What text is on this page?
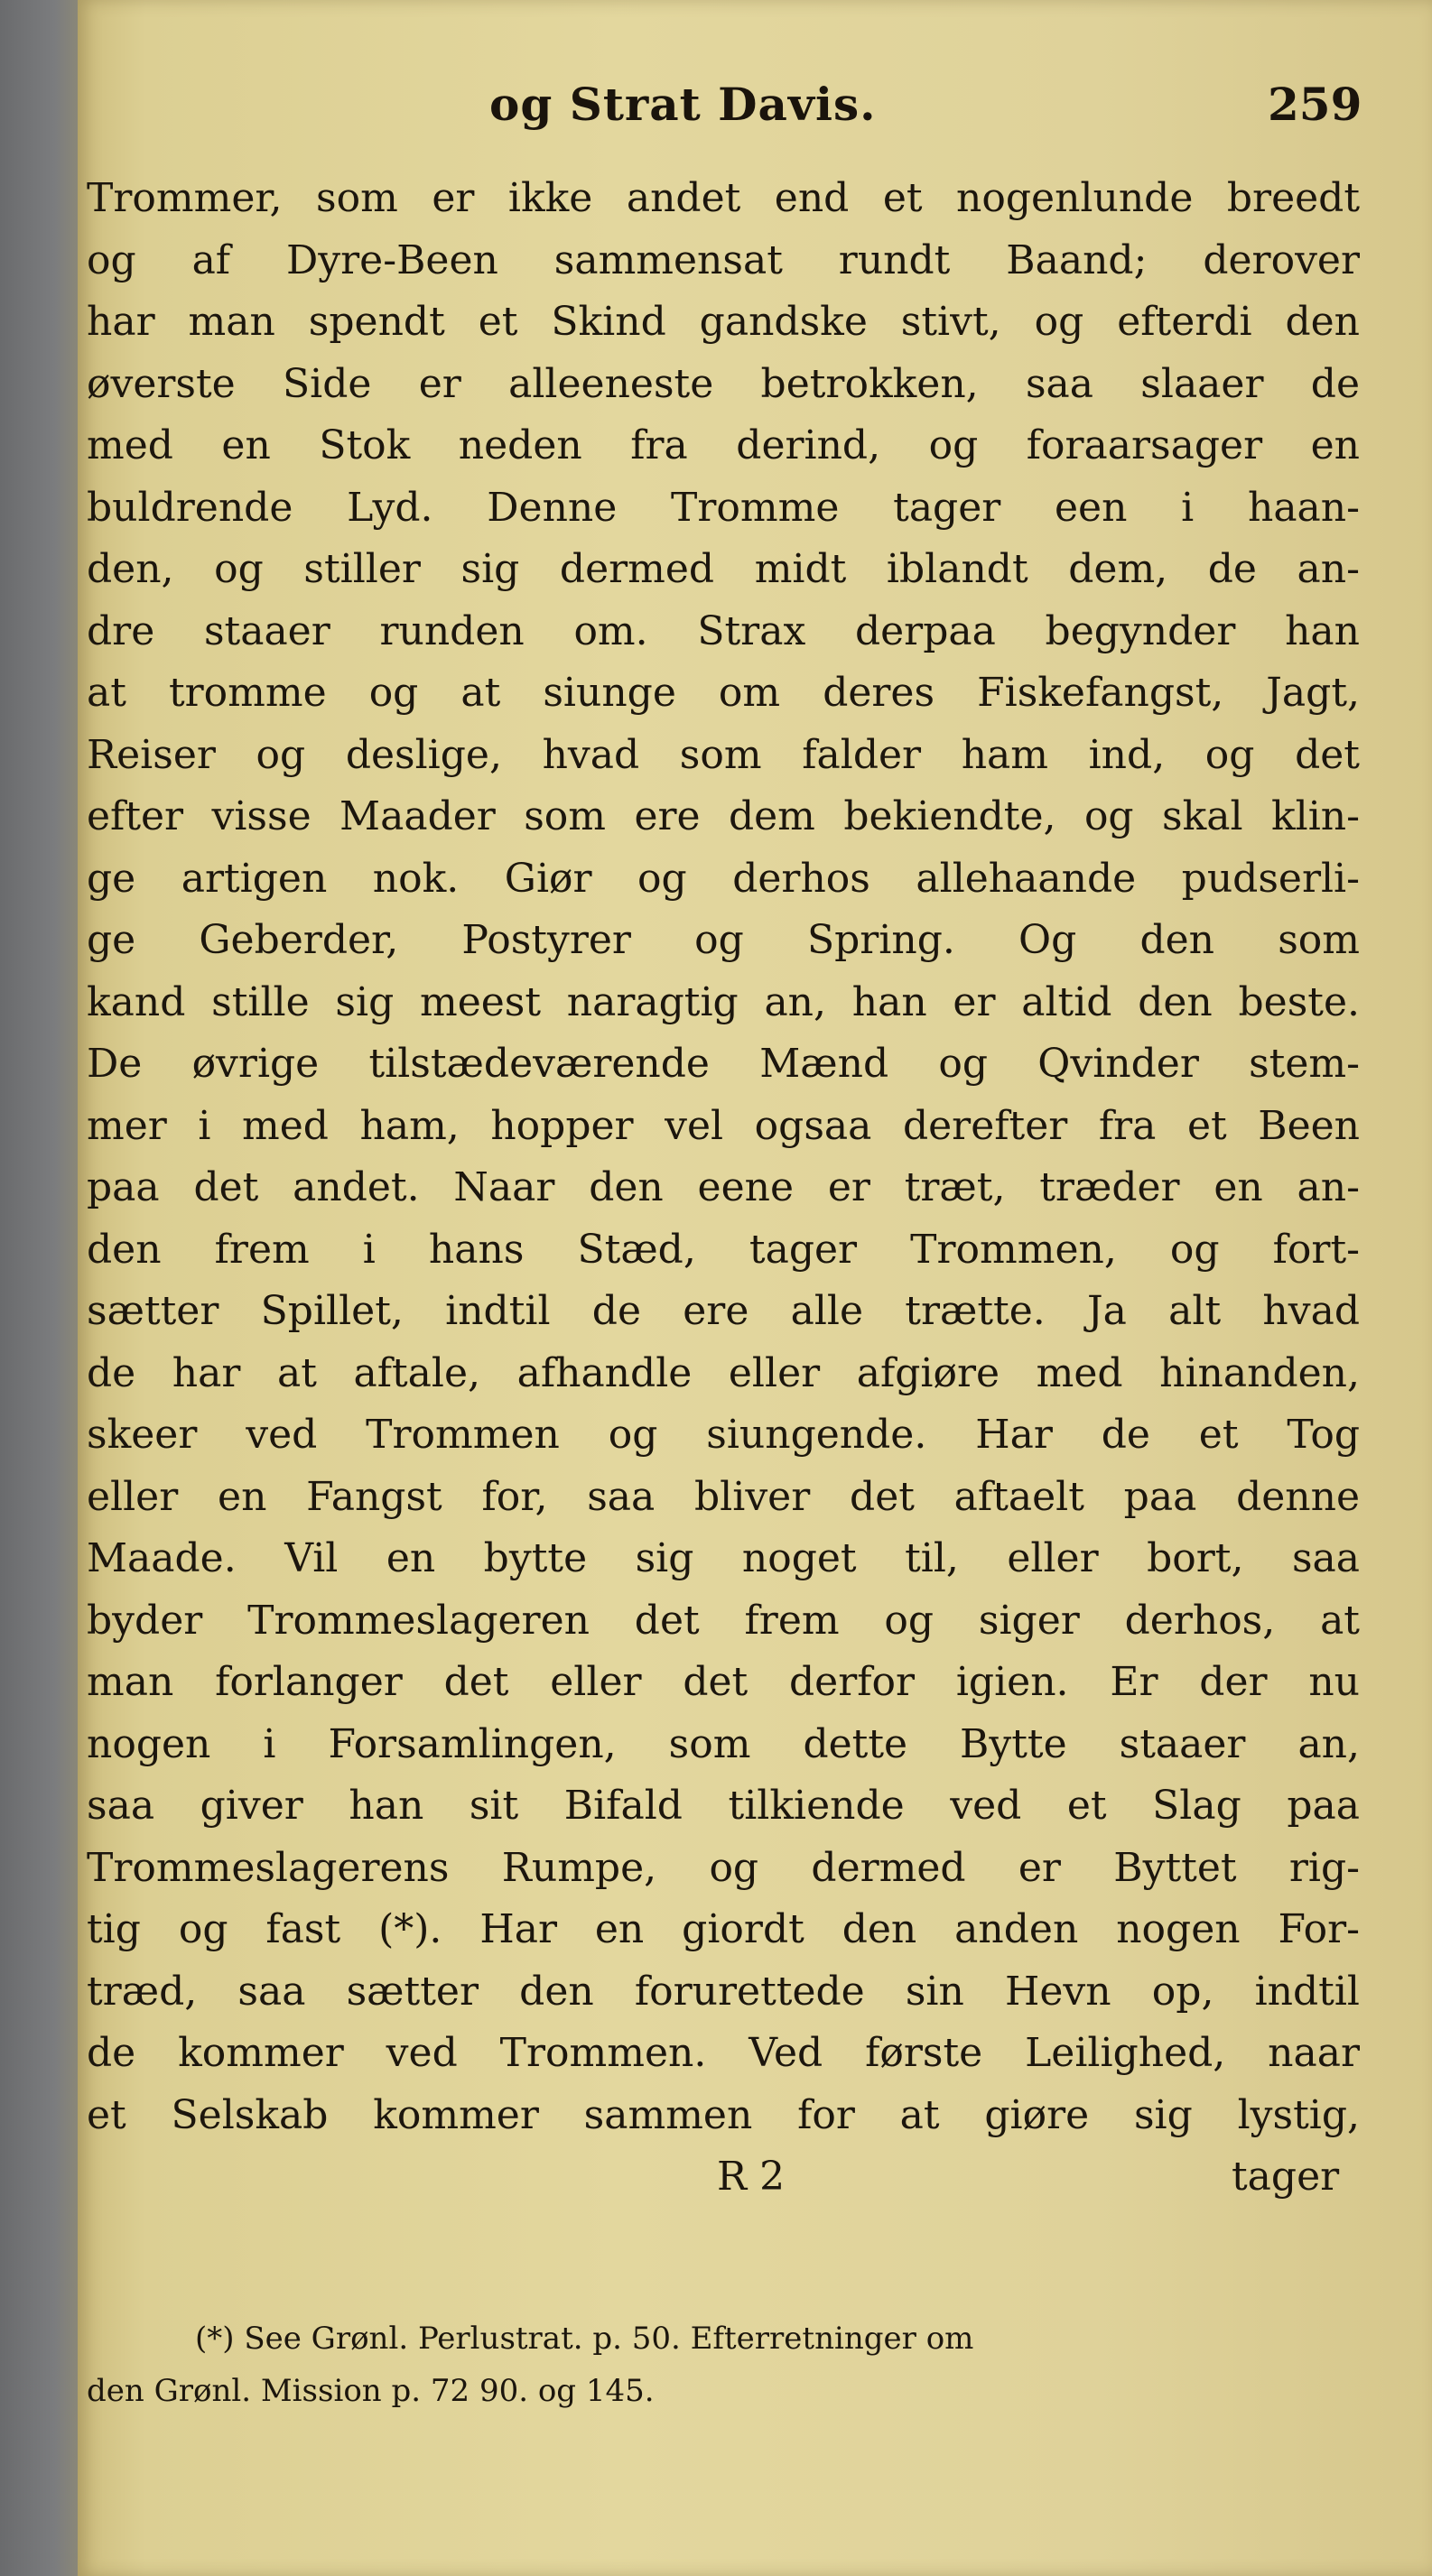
og Strat Davis.	259
Trommer, som er ikke andet end et nogenlunde breedt
og af Dyre-Been sammensat rundt Baand; derover
har man spendt et Skind gandske stivt, og efterdi den
øverste Side er alleeneste betrokken, saa slaaer de
med en Stok neden fra derind, og foraarsager en
buldrende Lyd. Denne Tromme tager een i haan-
den, og stiller sig dermed midt iblandt dem, de an-
dre staaer runden om. Strax derpaa begynder han
at tromme og at siunge om deres Fiskefangst, Jagt,
Reiser og deslige, hvad som falder ham ind, og det
efter visse Maader som ere dem bekiendte, og skal klin-
ge artigen nok. Giør og derhos allehaande pudserli-
ge Geberder, Postyrer og Spring. Og den som
kand stille sig meest naragtig an, han er altid den beste.
De øvrige tilstædeværende Mænd og Qvinder stem-
mer i med ham, hopper vel ogsaa derefter fra et Been
paa det andet. Naar den eene er træt, træder en an-
den frem i hans Stæd, tager Trommen, og fort-
sætter Spillet, indtil de ere alle trætte. Ja alt hvad
de har at aftale, afhandle eller afgiøre med hinanden,
skeer ved Trommen og siungende. Har de et Tog
eller en Fangst for, saa bliver det aftaelt paa denne
Maade. Vil en bytte sig noget til, eller bort, saa
byder Trommeslageren det frem og siger derhos, at
man forlanger det eller det derfor igien. Er der nu
nogen i Forsamlingen, som dette Bytte staaer an,
saa giver han sit Bifald tilkiende ved et Slag paa
Trommeslagerens Rumpe, og dermed er Byttet rig-
tig og fast (*). Har en giordt den anden nogen For-
træd, saa sætter den forurettede sin Hevn op, indtil
de kommer ved Trommen. Ved første Leilighed, naar
et Selskab kommer sammen for at giøre sig lystig,
R 2	tager
(*) See Grønl. Perlustrat. p. 50. Efterretninger om
den Grønl. Mission p. 72 90. og 145.
